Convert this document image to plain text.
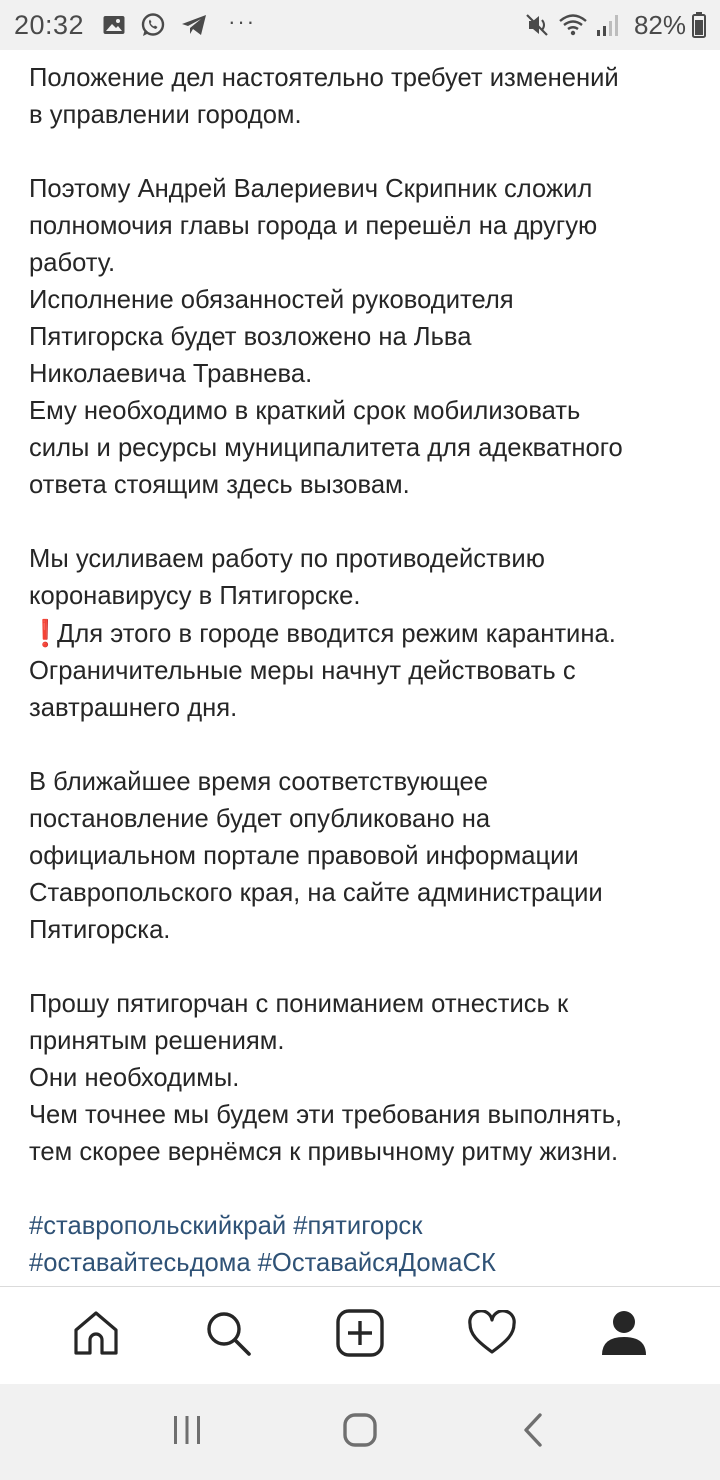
20:32	···	82%

Положение дел настоятельно требует изменений

в управлении городом.

Поэтому Андрей Валериевич Скрипник сложил

полномочия главы города и перешёл на другую

работу.

Исполнение обязанностей руководителя

Пятигорска будет возложено на Льва

Николаевича Травнева.

Ему необходимо в краткий срок мобилизовать

силы и ресурсы муниципалитета для адекватного

ответа стоящим здесь вызовам.

Мы усиливаем работу по противодействию

коронавирусу в Пятигорске.

❗Для этого в городе вводится режим карантина.

Ограничительные меры начнут действовать с

завтрашнего дня.

В ближайшее время соответствующее

постановление будет опубликовано на

официальном портале правовой информации

Ставропольского края, на сайте администрации

Пятигорска.

Прошу пятигорчан с пониманием отнестись к

принятым решениям.

Они необходимы.

Чем точнее мы будем эти требования выполнять,

тем скорее вернёмся к привычному ритму жизни.

#ставропольскийкрай #пятигорск

#оставайтесьдома #ОставайсяДомаСК
